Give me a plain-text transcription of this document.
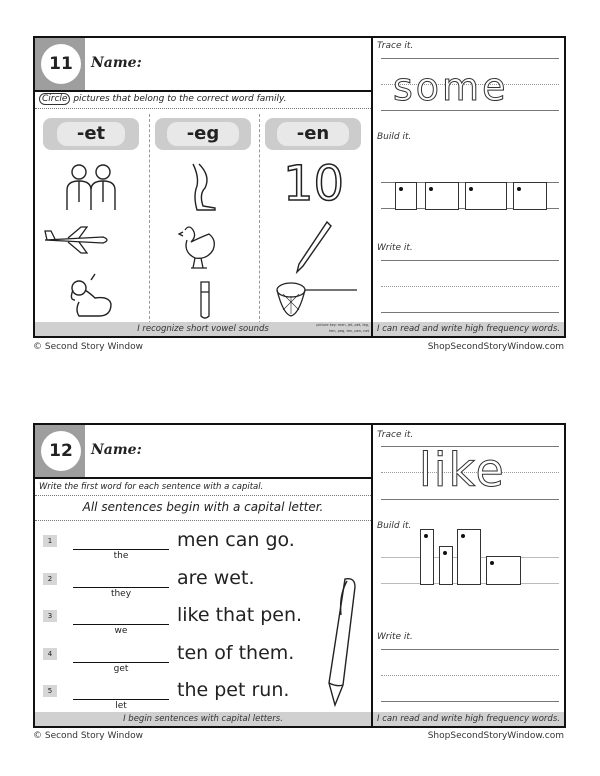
11	Name:
Circle pictures that belong to the correct word family.
-et	-eg	-en
10
I recognize short vowel sounds	picture key: men, jet, pet, leg, hen, peg, ten, pen, net
Trace it.
some
Build it.
Write it.
I can read and write high frequency words.
© Second Story Window	ShopSecondStoryWindow.com
12	Name:
Write the first word for each sentence with a capital.
All sentences begin with a capital letter.
1
the
men can go.
2
they
are wet.
3
we
like that pen.
4
get
ten of them.
5
let
the pet run.
I begin sentences with capital letters.
Trace it.
like
Build it.
Write it.
I can read and write high frequency words.
© Second Story Window	ShopSecondStoryWindow.com
